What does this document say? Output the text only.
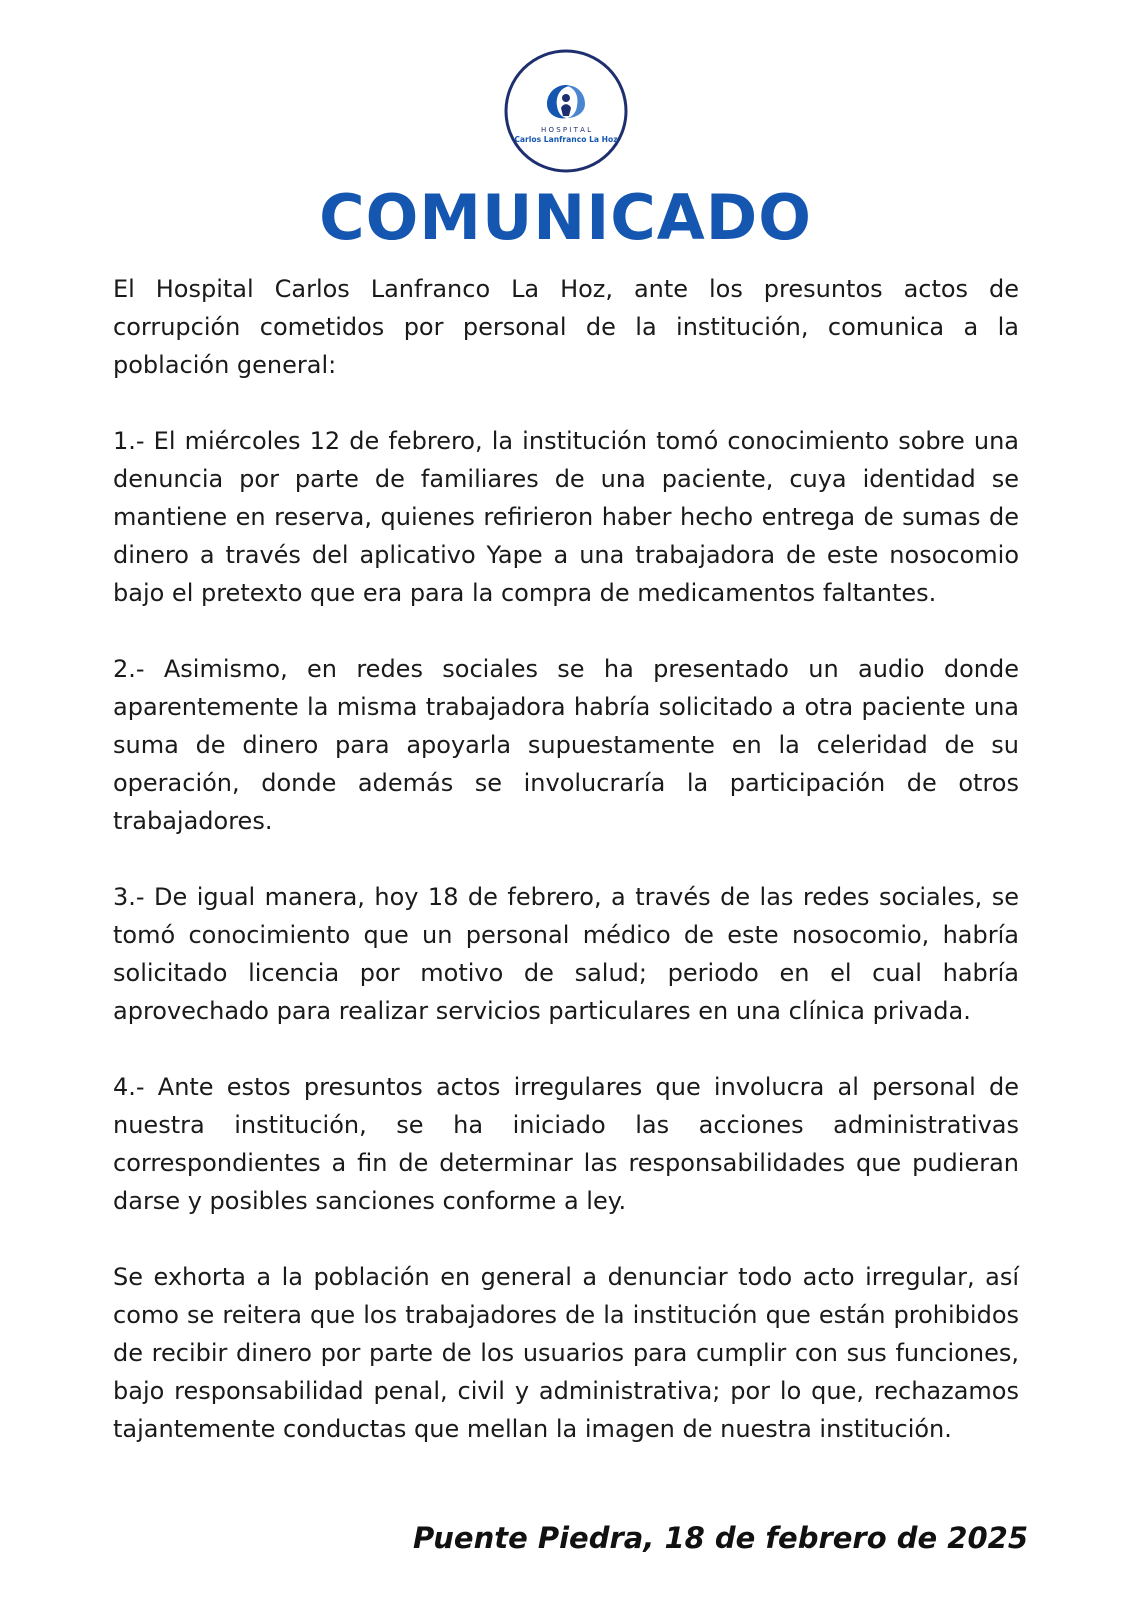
H O S P I T A L
Carlos Lanfranco La Hoz
COMUNICADO

El Hospital Carlos Lanfranco La Hoz, ante los presuntos actos de corrupción cometidos por personal de la institución, comunica a la población general:

1.- El miércoles 12 de febrero, la institución tomó conocimiento sobre una denuncia por parte de familiares de una paciente, cuya identidad se mantiene en reserva, quienes refirieron haber hecho entrega de sumas de dinero a través del aplicativo Yape a una trabajadora de este nosocomio bajo el pretexto que era para la compra de medicamentos faltantes.

2.- Asimismo, en redes sociales se ha presentado un audio donde aparentemente la misma trabajadora habría solicitado a otra paciente una suma de dinero para apoyarla supuestamente en la celeridad de su operación, donde además se involucraría la participación de otros trabajadores.

3.- De igual manera, hoy 18 de febrero, a través de las redes sociales, se tomó conocimiento que un personal médico de este nosocomio, habría solicitado licencia por motivo de salud; periodo en el cual habría aprovechado para realizar servicios particulares en una clínica privada.

4.- Ante estos presuntos actos irregulares que involucra al personal de nuestra institución, se ha iniciado las acciones administrativas correspondientes a fin de determinar las responsabilidades que pudieran darse y posibles sanciones conforme a ley.

Se exhorta a la población en general a denunciar todo acto irregular, así como se reitera que los trabajadores de la institución que están prohibidos de recibir dinero por parte de los usuarios para cumplir con sus funciones, bajo responsabilidad penal, civil y administrativa; por lo que, rechazamos tajantemente conductas que mellan la imagen de nuestra institución.

Puente Piedra, 18 de febrero de 2025
